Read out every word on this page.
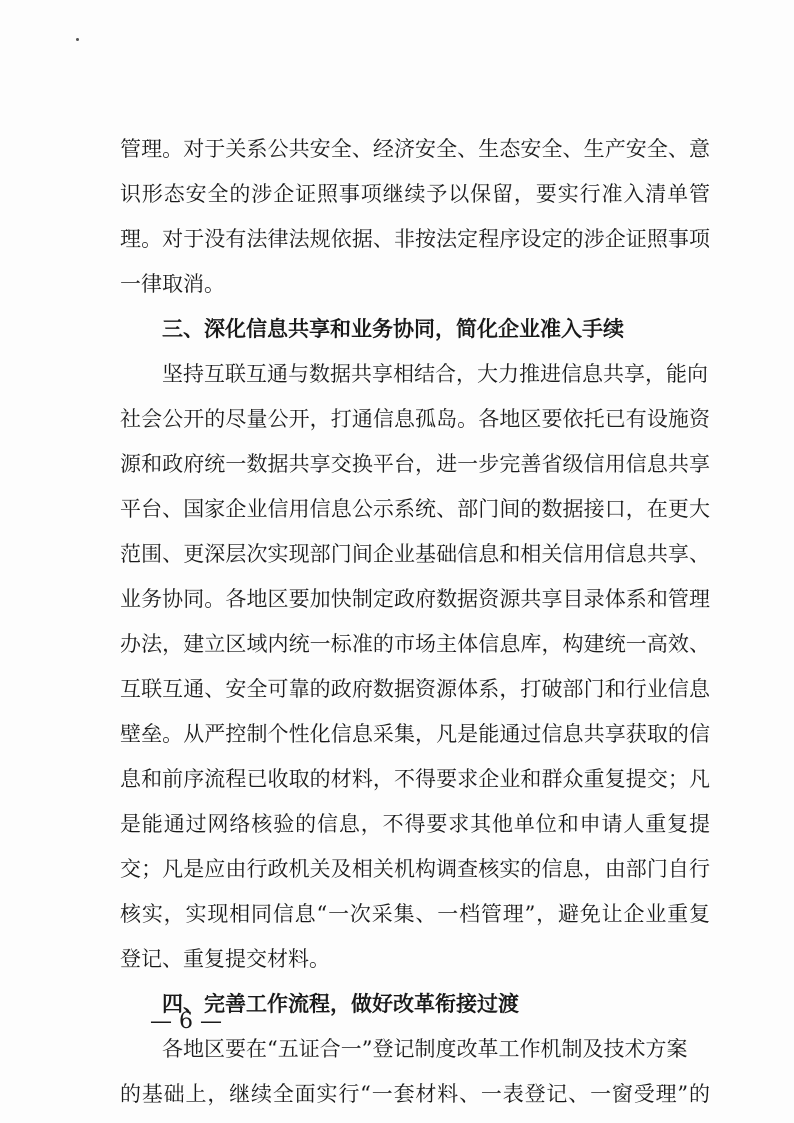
管理。对于关系公共安全、经济安全、生态安全、生产安全、意
识形态安全的涉企证照事项继续予以保留，要实行准入清单管
理。对于没有法律法规依据、非按法定程序设定的涉企证照事项
一律取消。
三、深化信息共享和业务协同，简化企业准入手续
坚持互联互通与数据共享相结合，大力推进信息共享，能向
社会公开的尽量公开，打通信息孤岛。各地区要依托已有设施资
源和政府统一数据共享交换平台，进一步完善省级信用信息共享
平台、国家企业信用信息公示系统、部门间的数据接口，在更大
范围、更深层次实现部门间企业基础信息和相关信用信息共享、
业务协同。各地区要加快制定政府数据资源共享目录体系和管理
办法，建立区域内统一标准的市场主体信息库，构建统一高效、
互联互通、安全可靠的政府数据资源体系，打破部门和行业信息
壁垒。从严控制个性化信息采集，凡是能通过信息共享获取的信
息和前序流程已收取的材料，不得要求企业和群众重复提交；凡
是能通过网络核验的信息，不得要求其他单位和申请人重复提
交；凡是应由行政机关及相关机构调查核实的信息，由部门自行
核实，实现相同信息“一次采集、一档管理”，避免让企业重复
登记、重复提交材料。
四、完善工作流程，做好改革衔接过渡
各地区要在“五证合一”登记制度改革工作机制及技术方案
的基础上，继续全面实行“一套材料、一表登记、一窗受理”的
— 6 —
